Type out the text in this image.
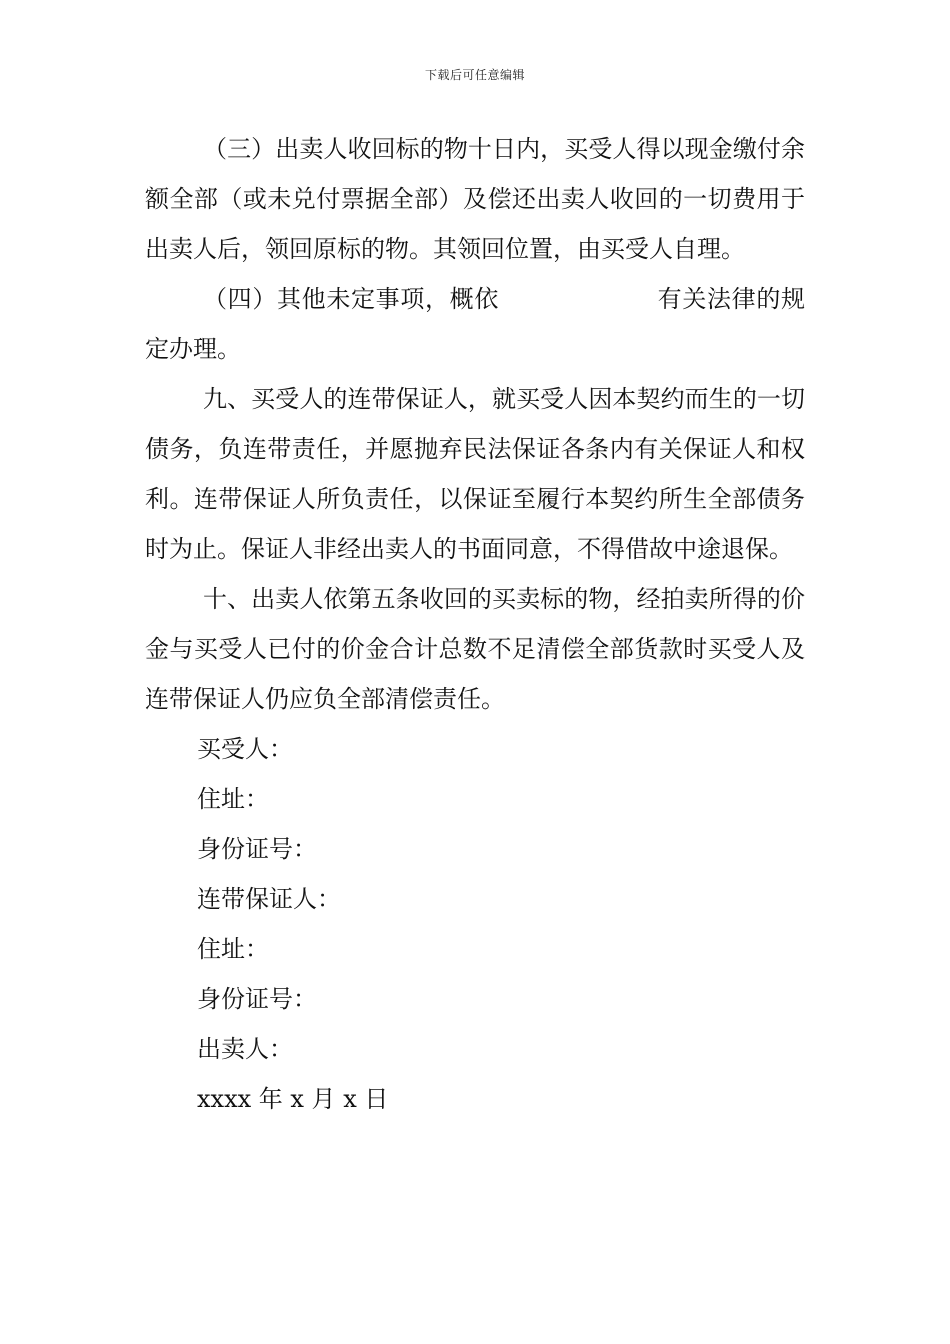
下载后可任意编辑

（三）出卖人收回标的物十日内，买受人得以现金缴付余额全部（或未兑付票据全部）及偿还出卖人收回的一切费用于出卖人后，领回原标的物。其领回位置，由买受人自理。

（四）其他未定事项，概依	有关法律的规定办理。

九、买受人的连带保证人，就买受人因本契约而生的一切债务，负连带责任，并愿抛弃民法保证各条内有关保证人和权利。连带保证人所负责任，以保证至履行本契约所生全部债务时为止。保证人非经出卖人的书面同意，不得借故中途退保。

十、出卖人依第五条收回的买卖标的物，经拍卖所得的价金与买受人已付的价金合计总数不足清偿全部货款时买受人及连带保证人仍应负全部清偿责任。

买受人：

住址：

身份证号：

连带保证人：

住址：

身份证号：

出卖人：

xxxx 年 x 月 x 日
